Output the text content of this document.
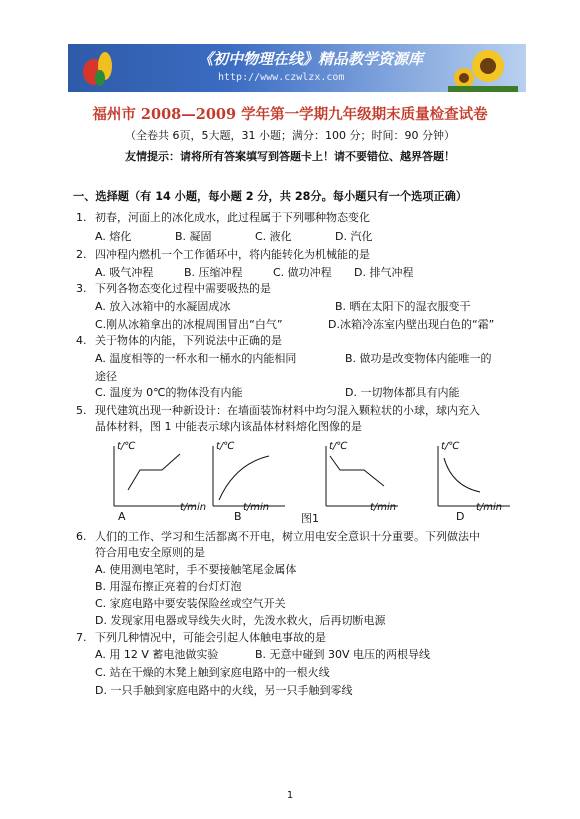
《初中物理在线》精品教学资源库
http://www.czwlzx.com
福州市 2008—2009 学年第一学期九年级期末质量检查试卷
（全卷共 6页，5大题，31 小题；满分：100 分；时间：90 分钟）
友情提示：请将所有答案填写到答题卡上！请不要错位、越界答题！
一、选择题（有 14 小题，每小题 2 分，共 28分。每小题只有一个选项正确）
1. 初春，河面上的冰化成水，此过程属于下列哪种物态变化
A. 熔化	B. 凝固	C. 液化	D. 汽化
2. 四冲程内燃机一个工作循环中，将内能转化为机械能的是
A. 吸气冲程	B. 压缩冲程	C. 做功冲程 D. 排气冲程
3. 下列各物态变化过程中需要吸热的是
A. 放入冰箱中的水凝固成冰	B. 晒在太阳下的湿衣服变干
C.刚从冰箱拿出的冰棍周围冒出“白气”	D.冰箱冷冻室内壁出现白色的“霜”
4. 关于物体的内能，下列说法中正确的是
A. 温度相等的一杯水和一桶水的内能相同	B. 做功是改变物体内能唯一的
途径
C. 温度为 0℃的物体没有内能	D. 一切物体都具有内能
5. 现代建筑出现一种新设计：在墙面装饰材料中均匀混入颗粒状的小球，球内充入
晶体材料，图 1 中能表示球内该晶体材料熔化图像的是
t/℃
A
t/℃
B
t/min
t/℃
t/min
t/℃
D
t/min
t/min
图1
6. 人们的工作、学习和生活都离不开电，树立用电安全意识十分重要。下列做法中
符合用电安全原则的是
A. 使用测电笔时，手不要接触笔尾金属体
B. 用湿布擦正亮着的台灯灯泡
C. 家庭电路中要安装保险丝或空气开关
D. 发现家用电器或导线失火时，先泼水救火，后再切断电源
7. 下列几种情况中，可能会引起人体触电事故的是
A. 用 12 V 蓄电池做实验	B. 无意中碰到 30V 电压的两根导线
C. 站在干燥的木凳上触到家庭电路中的一根火线
D. 一只手触到家庭电路中的火线，另一只手触到零线
1
